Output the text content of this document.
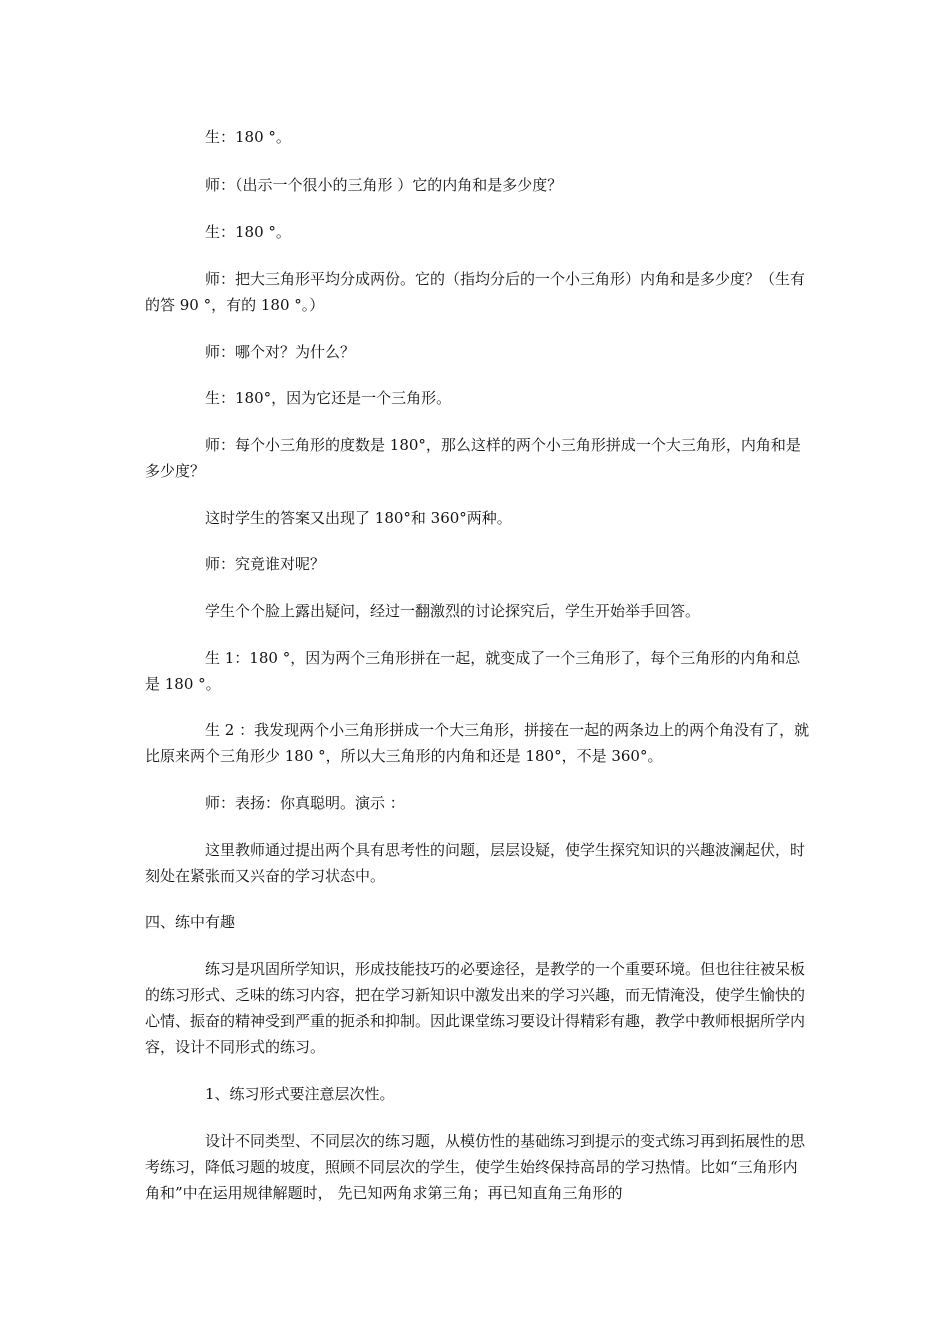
生：180 °。

师：（出示一个很小的三角形 ）它的内角和是多少度？

生：180 °。

师：把大三角形平均分成两份。它的（指均分后的一个小三角形）内角和是多少度？（生有的答 90 °，有的 180 °。）

师：哪个对？为什么？

生：180°，因为它还是一个三角形。

师：每个小三角形的度数是 180°，那么这样的两个小三角形拼成一个大三角形，内角和是多少度？

这时学生的答案又出现了 180°和 360°两种。

师：究竟谁对呢？

学生个个脸上露出疑问，经过一翻激烈的讨论探究后，学生开始举手回答。

生 1：180 °，因为两个三角形拼在一起，就变成了一个三角形了，每个三角形的内角和总是 180 °。

生 2 ：我发现两个小三角形拼成一个大三角形，拼接在一起的两条边上的两个角没有了，就比原来两个三角形少 180 °，所以大三角形的内角和还是 180°，不是 360°。

师：表扬：你真聪明。演示 ：

这里教师通过提出两个具有思考性的问题，层层设疑，使学生探究知识的兴趣波澜起伏，时刻处在紧张而又兴奋的学习状态中。

四、练中有趣

练习是巩固所学知识，形成技能技巧的必要途径，是教学的一个重要环境。但也往往被呆板的练习形式、乏味的练习内容，把在学习新知识中激发出来的学习兴趣，而无情淹没，使学生愉快的心情、振奋的精神受到严重的扼杀和抑制。因此课堂练习要设计得精彩有趣，教学中教师根据所学内容，设计不同形式的练习。

1、练习形式要注意层次性。

设计不同类型、不同层次的练习题，从模仿性的基础练习到提示的变式练习再到拓展性的思考练习，降低习题的坡度，照顾不同层次的学生，使学生始终保持高昂的学习热情。比如“三角形内角和”中在运用规律解题时， 先已知两角求第三角；再已知直角三角形的
